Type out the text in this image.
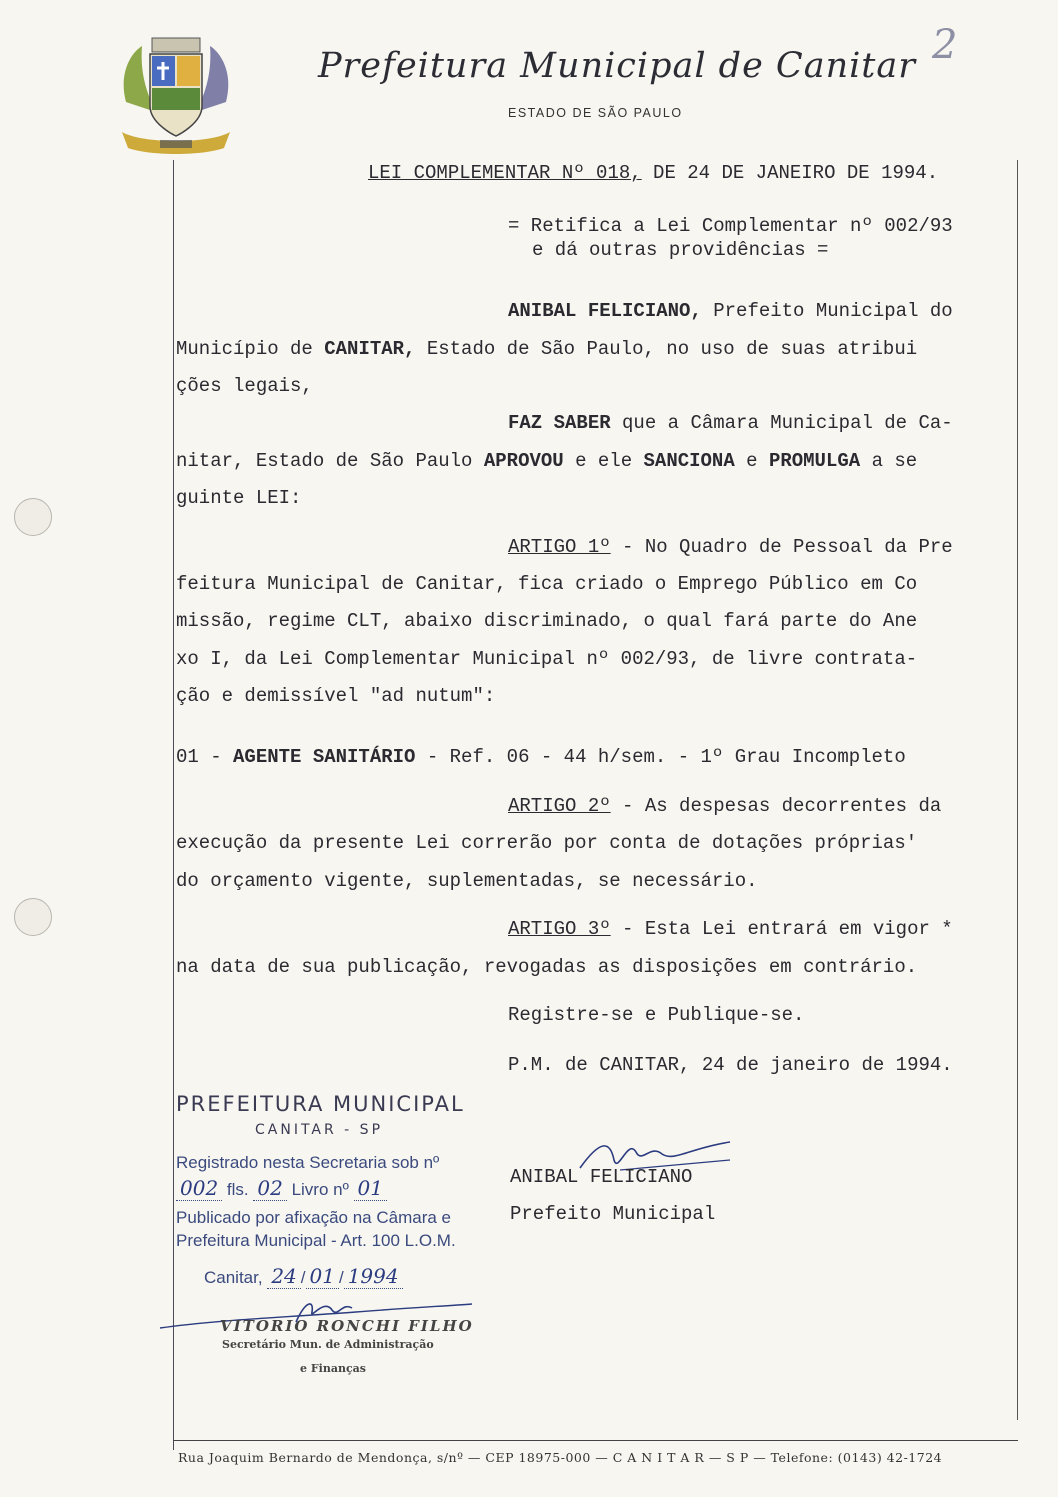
Prefeitura Municipal de Canitar
ESTADO DE SÃO PAULO
2
LEI COMPLEMENTAR Nº 018, DE 24 DE JANEIRO DE 1994.
= Retifica a Lei Complementar nº 002/93
e dá outras providências =
ANIBAL FELICIANO, Prefeito Municipal do
Município de CANITAR, Estado de São Paulo, no uso de suas atribui
ções legais,
FAZ SABER que a Câmara Municipal de Ca-
nitar, Estado de São Paulo APROVOU e ele SANCIONA e PROMULGA a se
guinte LEI:
ARTIGO 1º - No Quadro de Pessoal da Pre
feitura Municipal de Canitar, fica criado o Emprego Público em Co
missão, regime CLT, abaixo discriminado, o qual fará parte do Ane
xo I, da Lei Complementar Municipal nº 002/93, de livre contrata-
ção e demissível "ad nutum":
01 - AGENTE SANITÁRIO - Ref. 06 - 44 h/sem. - 1º Grau Incompleto
ARTIGO 2º - As despesas decorrentes da
execução da presente Lei correrão por conta de dotações próprias'
do orçamento vigente, suplementadas, se necessário.
ARTIGO 3º - Esta Lei entrará em vigor *
na data de sua publicação, revogadas as disposições em contrário.
Registre-se e Publique-se.
P.M. de CANITAR, 24 de janeiro de 1994.
PREFEITURA MUNICIPAL
CANITAR - SP
Registrado nesta Secretaria sob nº
002 fls. 02 Livro nº 01
Publicado por afixação na Câmara e
Prefeitura Municipal - Art. 100 L.O.M.
Canitar, 24 / 01 / 1994
ANIBAL FELICIANO
Prefeito Municipal
VITORIO RONCHI FILHO
Secretário Mun. de Administração
e Finanças
Rua Joaquim Bernardo de Mendonça, s/nº — CEP 18975-000 — C A N I T A R — S P — Telefone: (0143) 42-1724
